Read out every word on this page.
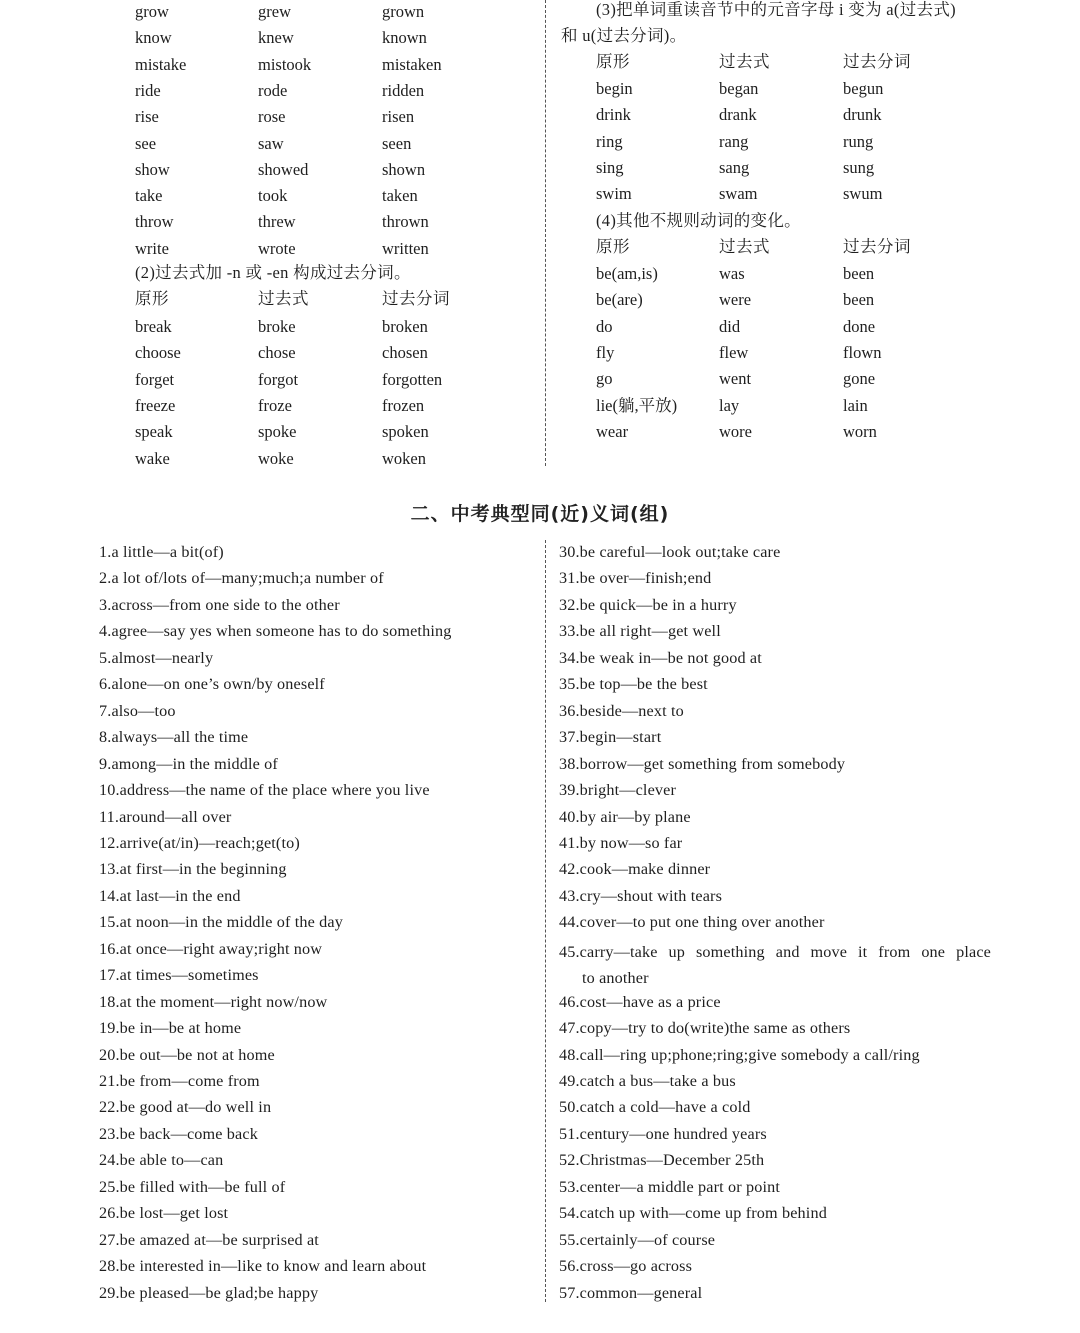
grow	grew	grown
know	knew	known
mistake	mistook	mistaken
ride	rode	ridden
rise	rose	risen
see	saw	seen
show	showed	shown
take	took	taken
throw	threw	thrown
write	wrote	written
(2)过去式加 -n 或 -en 构成过去分词。
原形	过去式	过去分词
break	broke	broken
choose	chose	chosen
forget	forgot	forgotten
freeze	froze	frozen
speak	spoke	spoken
wake	woke	woken
(3)把单词重读音节中的元音字母 i 变为 a(过去式)
和 u(过去分词)。
原形	过去式	过去分词
begin	began	begun
drink	drank	drunk
ring	rang	rung
sing	sang	sung
swim	swam	swum
(4)其他不规则动词的变化。
原形	过去式	过去分词
be(am,is)	was	been
be(are)	were	been
do	did	done
fly	flew	flown
go	went	gone
lie(躺,平放)	lay	lain
wear	wore	worn
二、中考典型同(近)义词(组)
1.a little—a bit(of)
2.a lot of/lots of—many;much;a number of
3.across—from one side to the other
4.agree—say yes when someone has to do something
5.almost—nearly
6.alone—on one’s own/by oneself
7.also—too
8.always—all the time
9.among—in the middle of
10.address—the name of the place where you live
11.around—all over
12.arrive(at/in)—reach;get(to)
13.at first—in the beginning
14.at last—in the end
15.at noon—in the middle of the day
16.at once—right away;right now
17.at times—sometimes
18.at the moment—right now/now
19.be in—be at home
20.be out—be not at home
21.be from—come from
22.be good at—do well in
23.be back—come back
24.be able to—can
25.be filled with—be full of
26.be lost—get lost
27.be amazed at—be surprised at
28.be interested in—like to know and learn about
29.be pleased—be glad;be happy
30.be careful—look out;take care
31.be over—finish;end
32.be quick—be in a hurry
33.be all right—get well
34.be weak in—be not good at
35.be top—be the best
36.beside—next to
37.begin—start
38.borrow—get something from somebody
39.bright—clever
40.by air—by plane
41.by now—so far
42.cook—make dinner
43.cry—shout with tears
44.cover—to put one thing over another
45.carry—take up something and move it from one place
to another
46.cost—have as a price
47.copy—try to do(write)the same as others
48.call—ring up;phone;ring;give somebody a call/ring
49.catch a bus—take a bus
50.catch a cold—have a cold
51.century—one hundred years
52.Christmas—December 25th
53.center—a middle part or point
54.catch up with—come up from behind
55.certainly—of course
56.cross—go across
57.common—general
